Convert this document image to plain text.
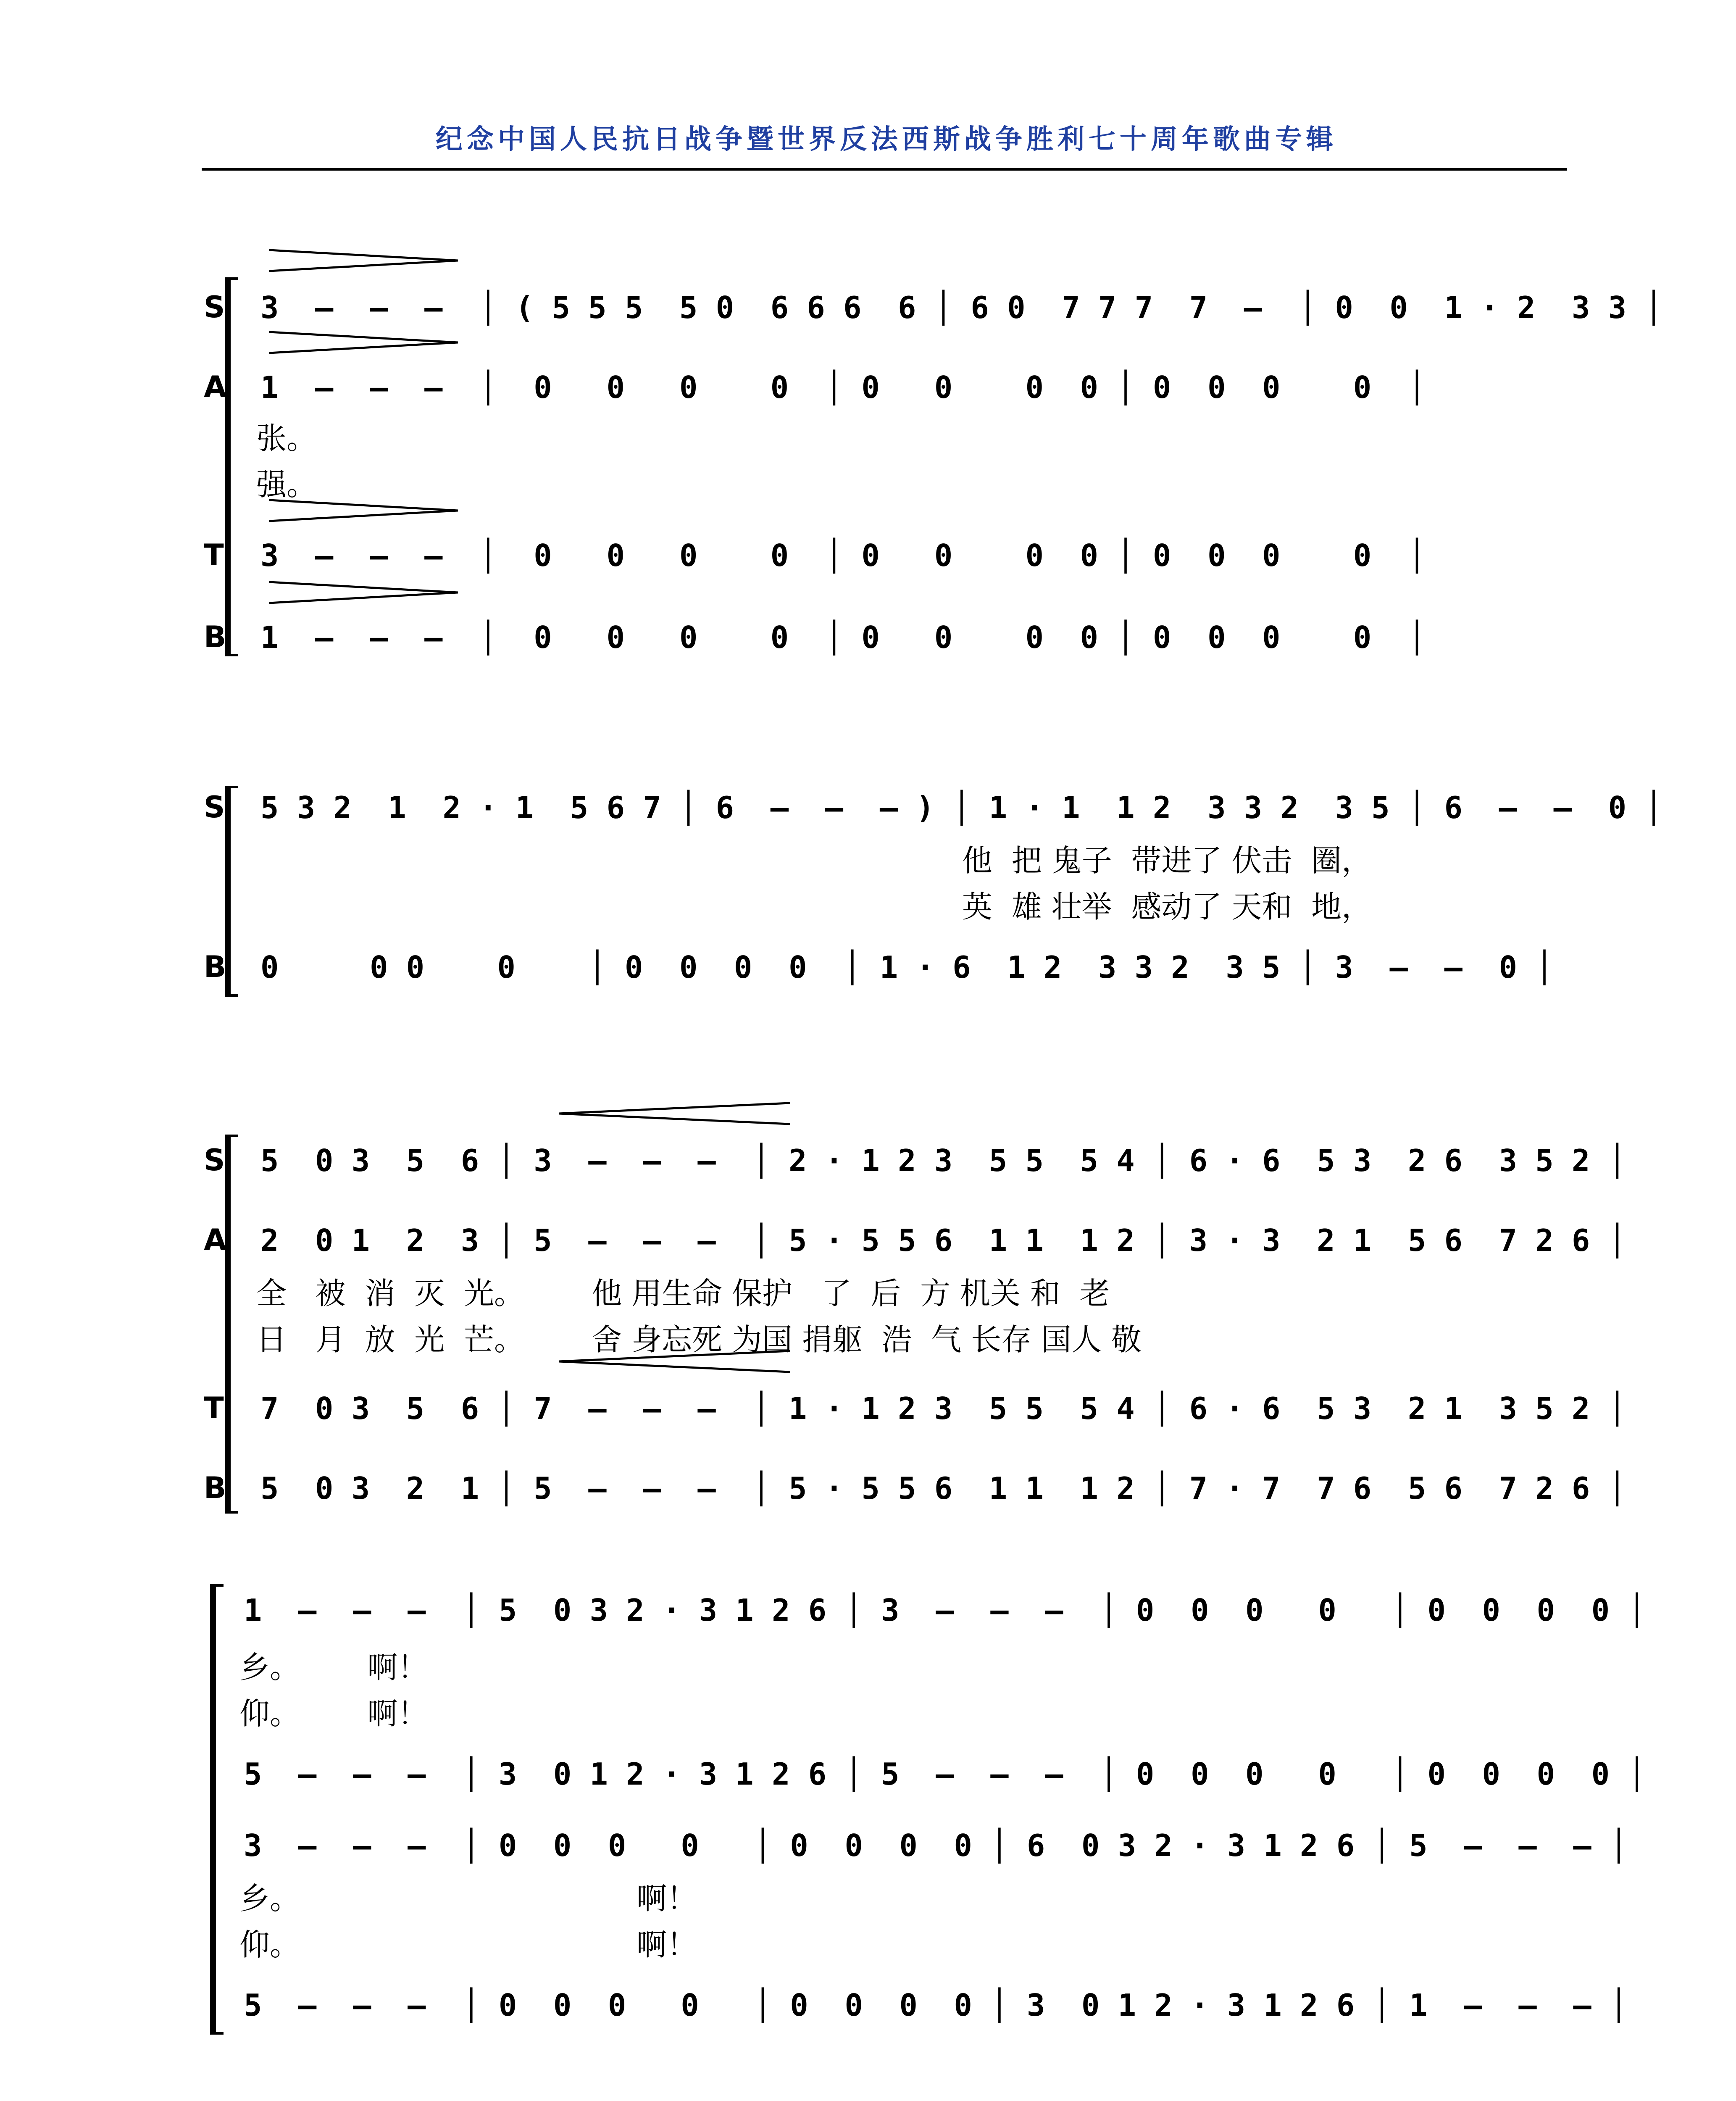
纪念中国人民抗日战争暨世界反法西斯战争胜利七十周年歌曲专辑
S 3  –  –  –  │ ( 5 5 5  5 0  6 6 6  6 │ 6 0  7 7 7  7  –  │ 0  0  1 · 2  3 3 │
A 1  –  –  –  │  0   0   0    0  │ 0   0    0  0 │ 0  0  0    0  │
张。
强。
T 3  –  –  –  │  0   0   0    0  │ 0   0    0  0 │ 0  0  0    0  │
B 1  –  –  –  │  0   0   0    0  │ 0   0    0  0 │ 0  0  0    0  │
S 5 3 2  1  2 · 1  5 6 7 │ 6  –  –  – ) │ 1 · 1  1 2  3 3 2  3 5 │ 6  –  –  0 │
他  把 鬼子  带进了 伏击  圈，
英  雄 壮举  感动了 天和  地，
B 0     0 0    0    │ 0  0  0  0  │ 1 · 6  1 2  3 3 2  3 5 │ 3  –  –  0 │
S 5  0 3  5  6 │ 3  –  –  –  │ 2 · 1 2 3  5 5  5 4 │ 6 · 6  5 3  2 6  3 5 2 │
A 2  0 1  2  3 │ 5  –  –  –  │ 5 · 5 5 6  1 1  1 2 │ 3 · 3  2 1  5 6  7 2 6 │
全   被  消  灭  光。       他 用生命 保护   了  后  方 机关 和  老
日   月  放  光  芒。       舍 身忘死 为国 捐躯  浩  气 长存 国人 敬
T 7  0 3  5  6 │ 7  –  –  –  │ 1 · 1 2 3  5 5  5 4 │ 6 · 6  5 3  2 1  3 5 2 │
B 5  0 3  2  1 │ 5  –  –  –  │ 5 · 5 5 6  1 1  1 2 │ 7 · 7  7 6  5 6  7 2 6 │
1  –  –  –  │ 5  0 3 2 · 3 1 2 6 │ 3  –  –  –  │ 0  0  0   0   │ 0  0  0  0 │
乡。       啊！
仰。       啊！
5  –  –  –  │ 3  0 1 2 · 3 1 2 6 │ 5  –  –  –  │ 0  0  0   0   │ 0  0  0  0 │
3  –  –  –  │ 0  0  0   0   │ 0  0  0  0 │ 6  0 3 2 · 3 1 2 6 │ 5  –  –  – │
乡。                                   啊！
仰。                                   啊！
5  –  –  –  │ 0  0  0   0   │ 0  0  0  0 │ 3  0 1 2 · 3 1 2 6 │ 1  –  –  – │
